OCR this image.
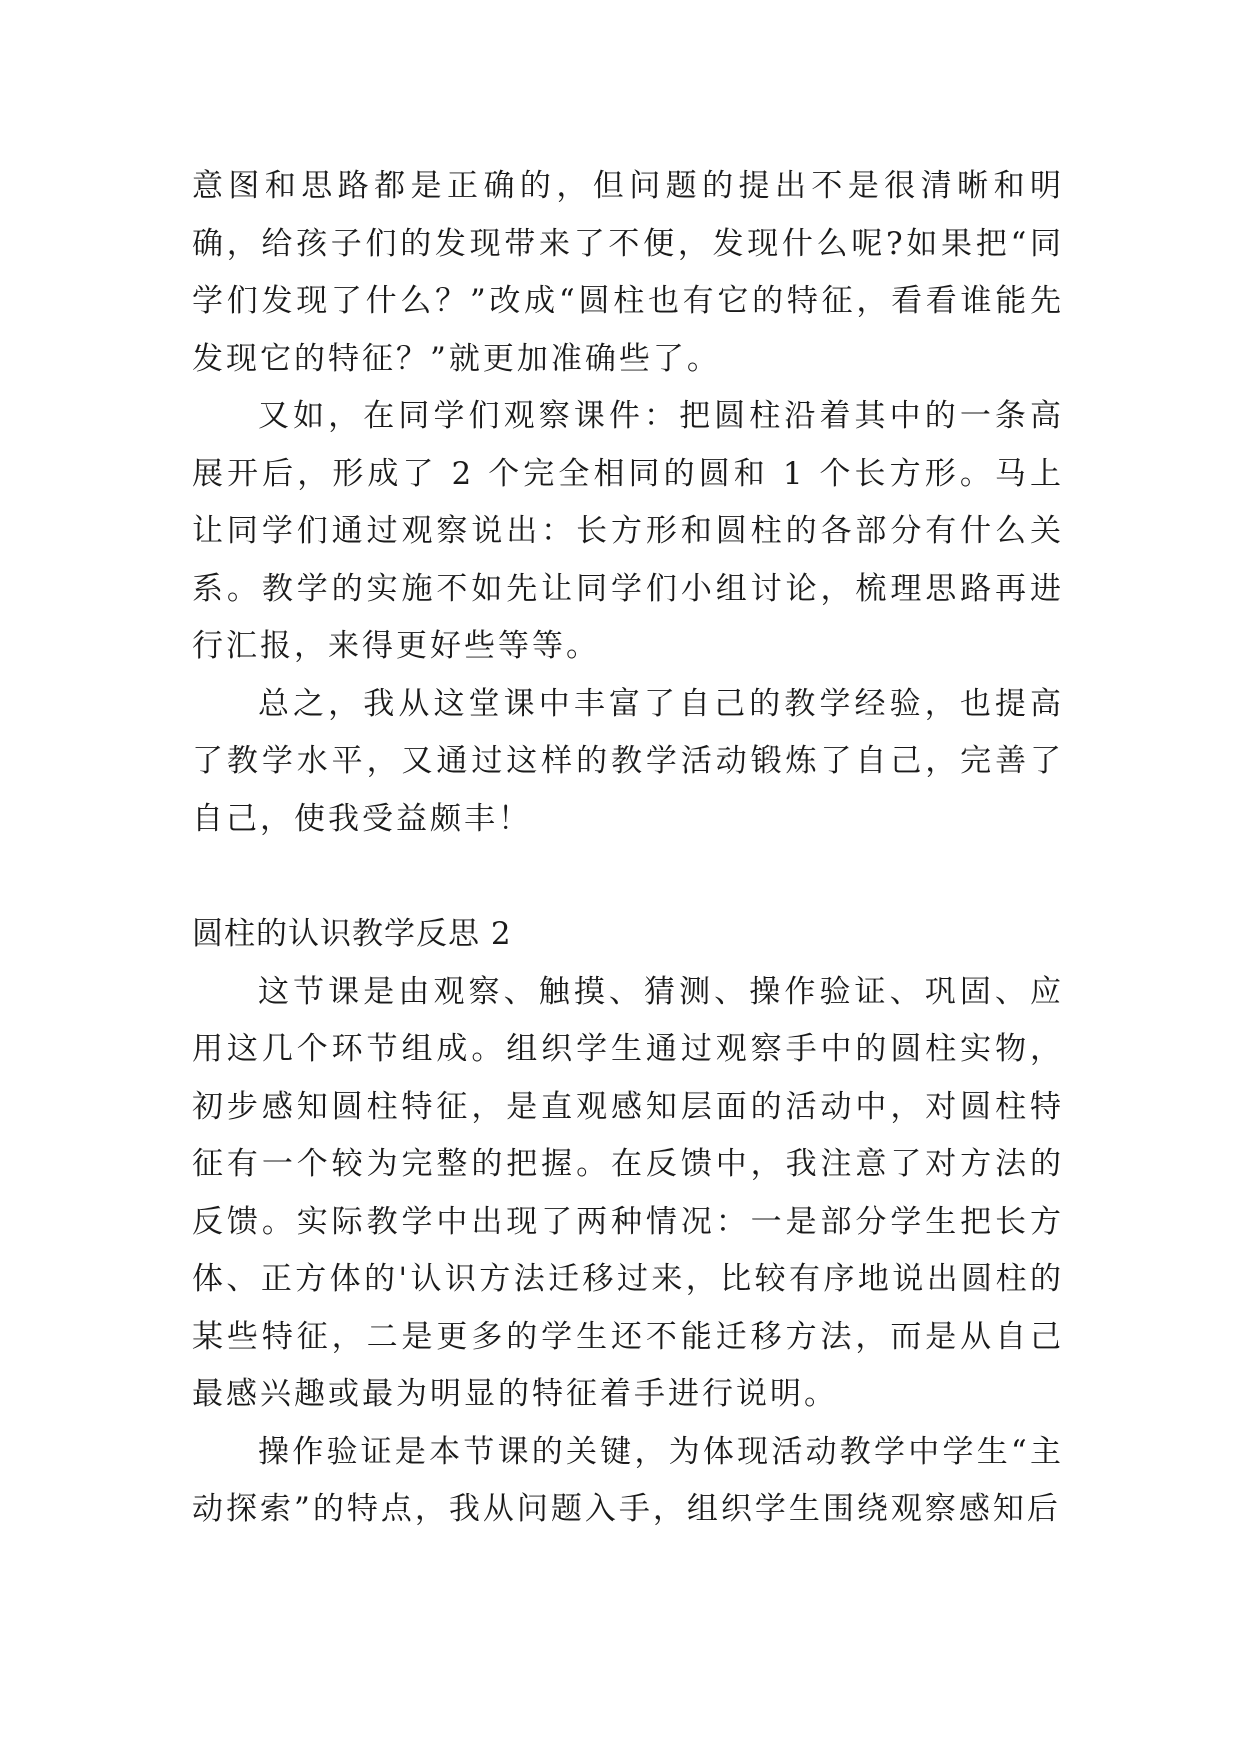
意图和思路都是正确的，但问题的提出不是很清晰和明确，给孩子们的发现带来了不便，发现什么呢?如果把“同学们发现了什么？”改成“圆柱也有它的特征，看看谁能先发现它的特征？”就更加准确些了。

又如，在同学们观察课件：把圆柱沿着其中的一条高展开后，形成了 2 个完全相同的圆和 1 个长方形。马上让同学们通过观察说出：长方形和圆柱的各部分有什么关系。教学的实施不如先让同学们小组讨论，梳理思路再进行汇报，来得更好些等等。

总之，我从这堂课中丰富了自己的教学经验，也提高了教学水平，又通过这样的教学活动锻炼了自己，完善了自己，使我受益颇丰！

圆柱的认识教学反思 2

这节课是由观察、触摸、猜测、操作验证、巩固、应用这几个环节组成。组织学生通过观察手中的圆柱实物，初步感知圆柱特征，是直观感知层面的活动中，对圆柱特征有一个较为完整的把握。在反馈中，我注意了对方法的反馈。实际教学中出现了两种情况：一是部分学生把长方体、正方体的'认识方法迁移过来，比较有序地说出圆柱的某些特征，二是更多的学生还不能迁移方法，而是从自己最感兴趣或最为明显的特征着手进行说明。

操作验证是本节课的关键，为体现活动教学中学生“主动探索”的特点，我从问题入手，组织学生围绕观察感知后
